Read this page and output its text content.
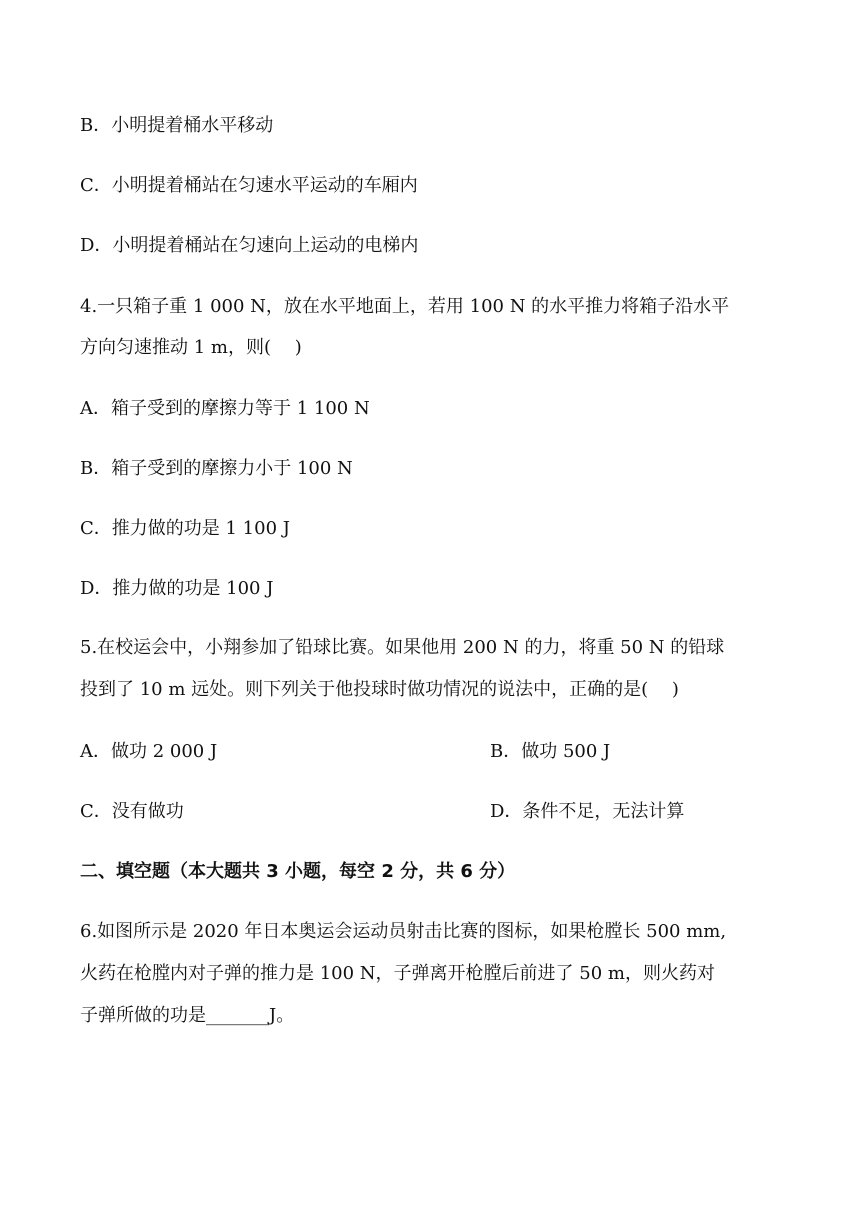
B．小明提着桶水平移动
C．小明提着桶站在匀速水平运动的车厢内
D．小明提着桶站在匀速向上运动的电梯内
4.一只箱子重 1 000 N，放在水平地面上，若用 100 N 的水平推力将箱子沿水平
方向匀速推动 1 m，则(　 )
A．箱子受到的摩擦力等于 1 100 N
B．箱子受到的摩擦力小于 100 N
C．推力做的功是 1 100 J
D．推力做的功是 100 J
5.在校运会中，小翔参加了铅球比赛。如果他用 200 N 的力，将重 50 N 的铅球
投到了 10 m 远处。则下列关于他投球时做功情况的说法中，正确的是(　 )
A．做功 2 000 J	B．做功 500 J
C．没有做功	D．条件不足，无法计算
二、填空题（本大题共 3 小题，每空 2 分，共 6 分）
6.如图所示是 2020 年日本奥运会运动员射击比赛的图标，如果枪膛长 500 mm,
火药在枪膛内对子弹的推力是 100 N，子弹离开枪膛后前进了 50 m，则火药对
子弹所做的功是_______J。
